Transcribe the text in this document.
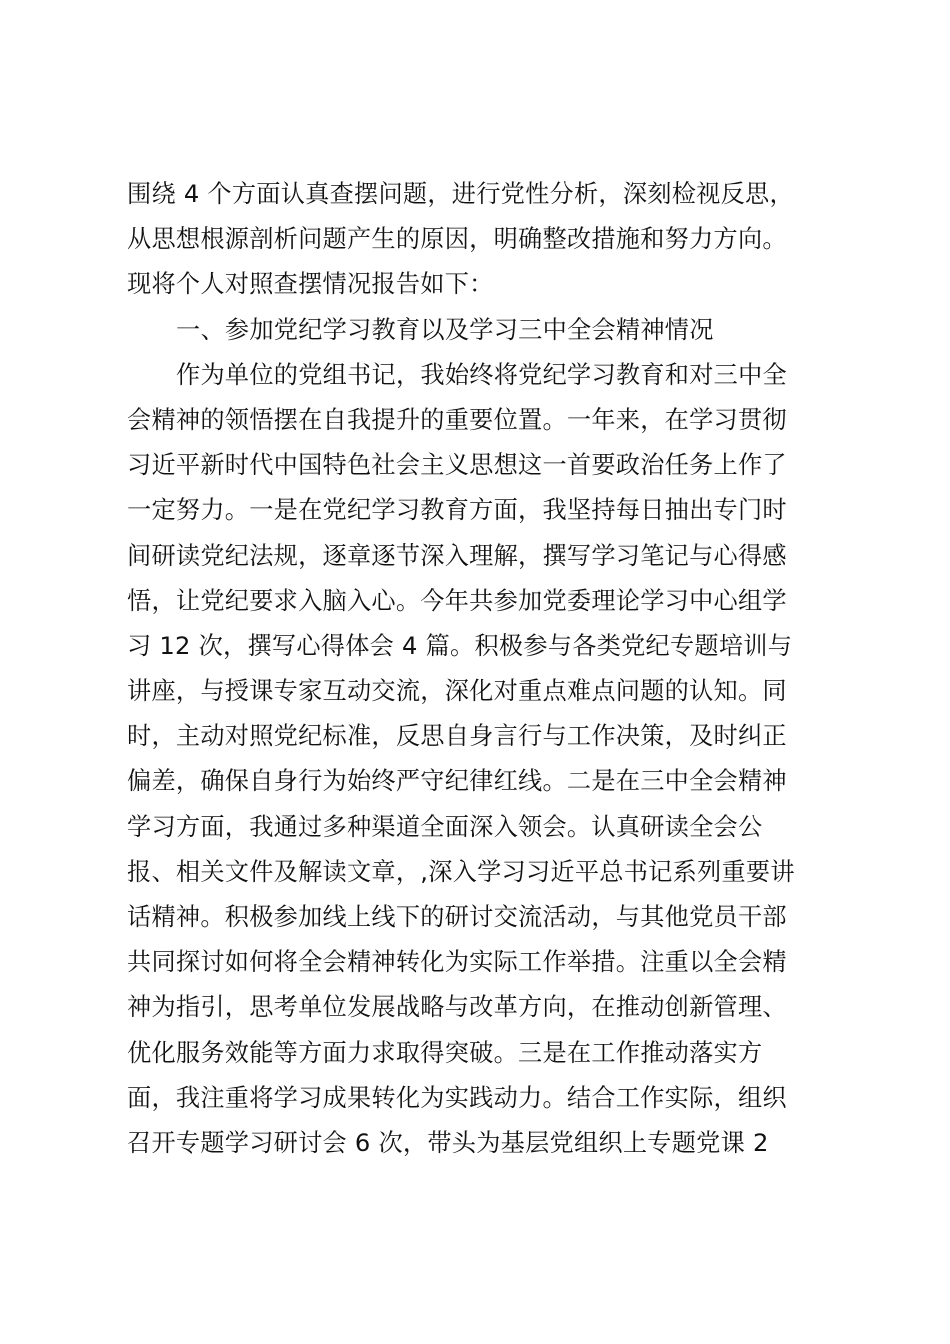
围绕 4 个方面认真查摆问题，进行党性分析，深刻检视反思，
从思想根源剖析问题产生的原因，明确整改措施和努力方向。
现将个人对照查摆情况报告如下：
一、参加党纪学习教育以及学习三中全会精神情况
作为单位的党组书记，我始终将党纪学习教育和对三中全
会精神的领悟摆在自我提升的重要位置。一年来，在学习贯彻
习近平新时代中国特色社会主义思想这一首要政治任务上作了
一定努力。一是在党纪学习教育方面，我坚持每日抽出专门时
间研读党纪法规，逐章逐节深入理解，撰写学习笔记与心得感
悟，让党纪要求入脑入心。今年共参加党委理论学习中心组学
习 12 次，撰写心得体会 4 篇。积极参与各类党纪专题培训与
讲座，与授课专家互动交流，深化对重点难点问题的认知。同
时，主动对照党纪标准，反思自身言行与工作决策，及时纠正
偏差，确保自身行为始终严守纪律红线。二是在三中全会精神
学习方面，我通过多种渠道全面深入领会。认真研读全会公
报、相关文件及解读文章，,深入学习习近平总书记系列重要讲
话精神。积极参加线上线下的研讨交流活动，与其他党员干部
共同探讨如何将全会精神转化为实际工作举措。注重以全会精
神为指引，思考单位发展战略与改革方向，在推动创新管理、
优化服务效能等方面力求取得突破。三是在工作推动落实方
面，我注重将学习成果转化为实践动力。结合工作实际，组织
召开专题学习研讨会 6 次，带头为基层党组织上专题党课 2
